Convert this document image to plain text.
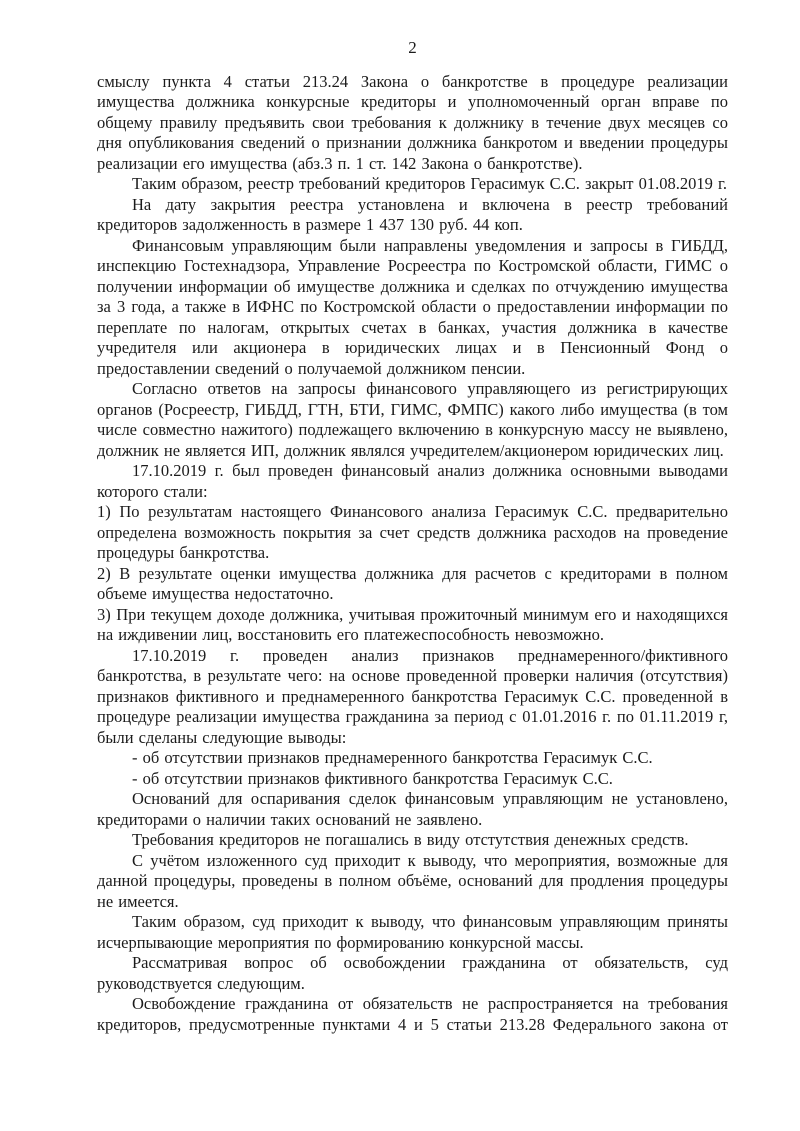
2

смыслу пункта 4 статьи 213.24 Закона о банкротстве в процедуре реализации имущества должника конкурсные кредиторы и уполномоченный орган вправе по общему правилу предъявить свои требования к должнику в течение двух месяцев со дня опубликования сведений о признании должника банкротом и введении процедуры реализации его имущества (абз.3 п. 1 ст. 142 Закона о банкротстве).

Таким образом, реестр требований кредиторов Герасимук С.С. закрыт 01.08.2019 г.

На дату закрытия реестра установлена и включена в реестр требований кредиторов задолженность в размере 1 437 130 руб. 44 коп.

Финансовым управляющим были направлены уведомления и запросы в ГИБДД, инспекцию Гостехнадзора, Управление Росреестра по Костромской области, ГИМС о получении информации об имуществе должника и сделках по отчуждению имущества за 3 года, а также в ИФНС по Костромской области о предоставлении информации по переплате по налогам, открытых счетах в банках, участия должника в качестве учредителя или акционера в юридических лицах и в Пенсионный Фонд о предоставлении сведений о получаемой должником пенсии.

Согласно ответов на запросы финансового управляющего из регистрирующих органов (Росреестр, ГИБДД, ГТН, БТИ, ГИМС, ФМПС) какого либо имущества (в том числе совместно нажитого) подлежащего включению в конкурсную массу не выявлено, должник не является ИП, должник являлся учредителем/акционером юридических лиц.

17.10.2019 г. был проведен финансовый анализ должника основными выводами которого стали:

1) По результатам настоящего Финансового анализа Герасимук С.С. предварительно определена возможность покрытия за счет средств должника расходов на проведение процедуры банкротства.

2) В результате оценки имущества должника для расчетов с кредиторами в полном объеме имущества недостаточно.

3) При текущем доходе должника, учитывая прожиточный минимум его и находящихся на иждивении лиц, восстановить его платежеспособность невозможно.

17.10.2019 г. проведен анализ признаков преднамеренного/фиктивного банкротства, в результате чего: на основе проведенной проверки наличия (отсутствия) признаков фиктивного и преднамеренного банкротства Герасимук С.С. проведенной в процедуре реализации имущества гражданина за период с 01.01.2016 г. по 01.11.2019 г, были сделаны следующие выводы:

- об отсутствии признаков преднамеренного банкротства Герасимук С.С.

- об отсутствии признаков фиктивного банкротства Герасимук С.С.

Оснований для оспаривания сделок финансовым управляющим не установлено, кредиторами о наличии таких оснований не заявлено.

Требования кредиторов не погашались в виду отстутствия денежных средств.

С учётом изложенного суд приходит к выводу, что мероприятия, возможные для данной процедуры, проведены в полном объёме, оснований для продления процедуры не имеется.

Таким образом, суд приходит к выводу, что финансовым управляющим приняты исчерпывающие мероприятия по формированию конкурсной массы.

Рассматривая вопрос об освобождении гражданина от обязательств, суд руководствуется следующим.

Освобождение гражданина от обязательств не распространяется на требования кредиторов, предусмотренные пунктами 4 и 5 статьи 213.28 Федерального закона от
